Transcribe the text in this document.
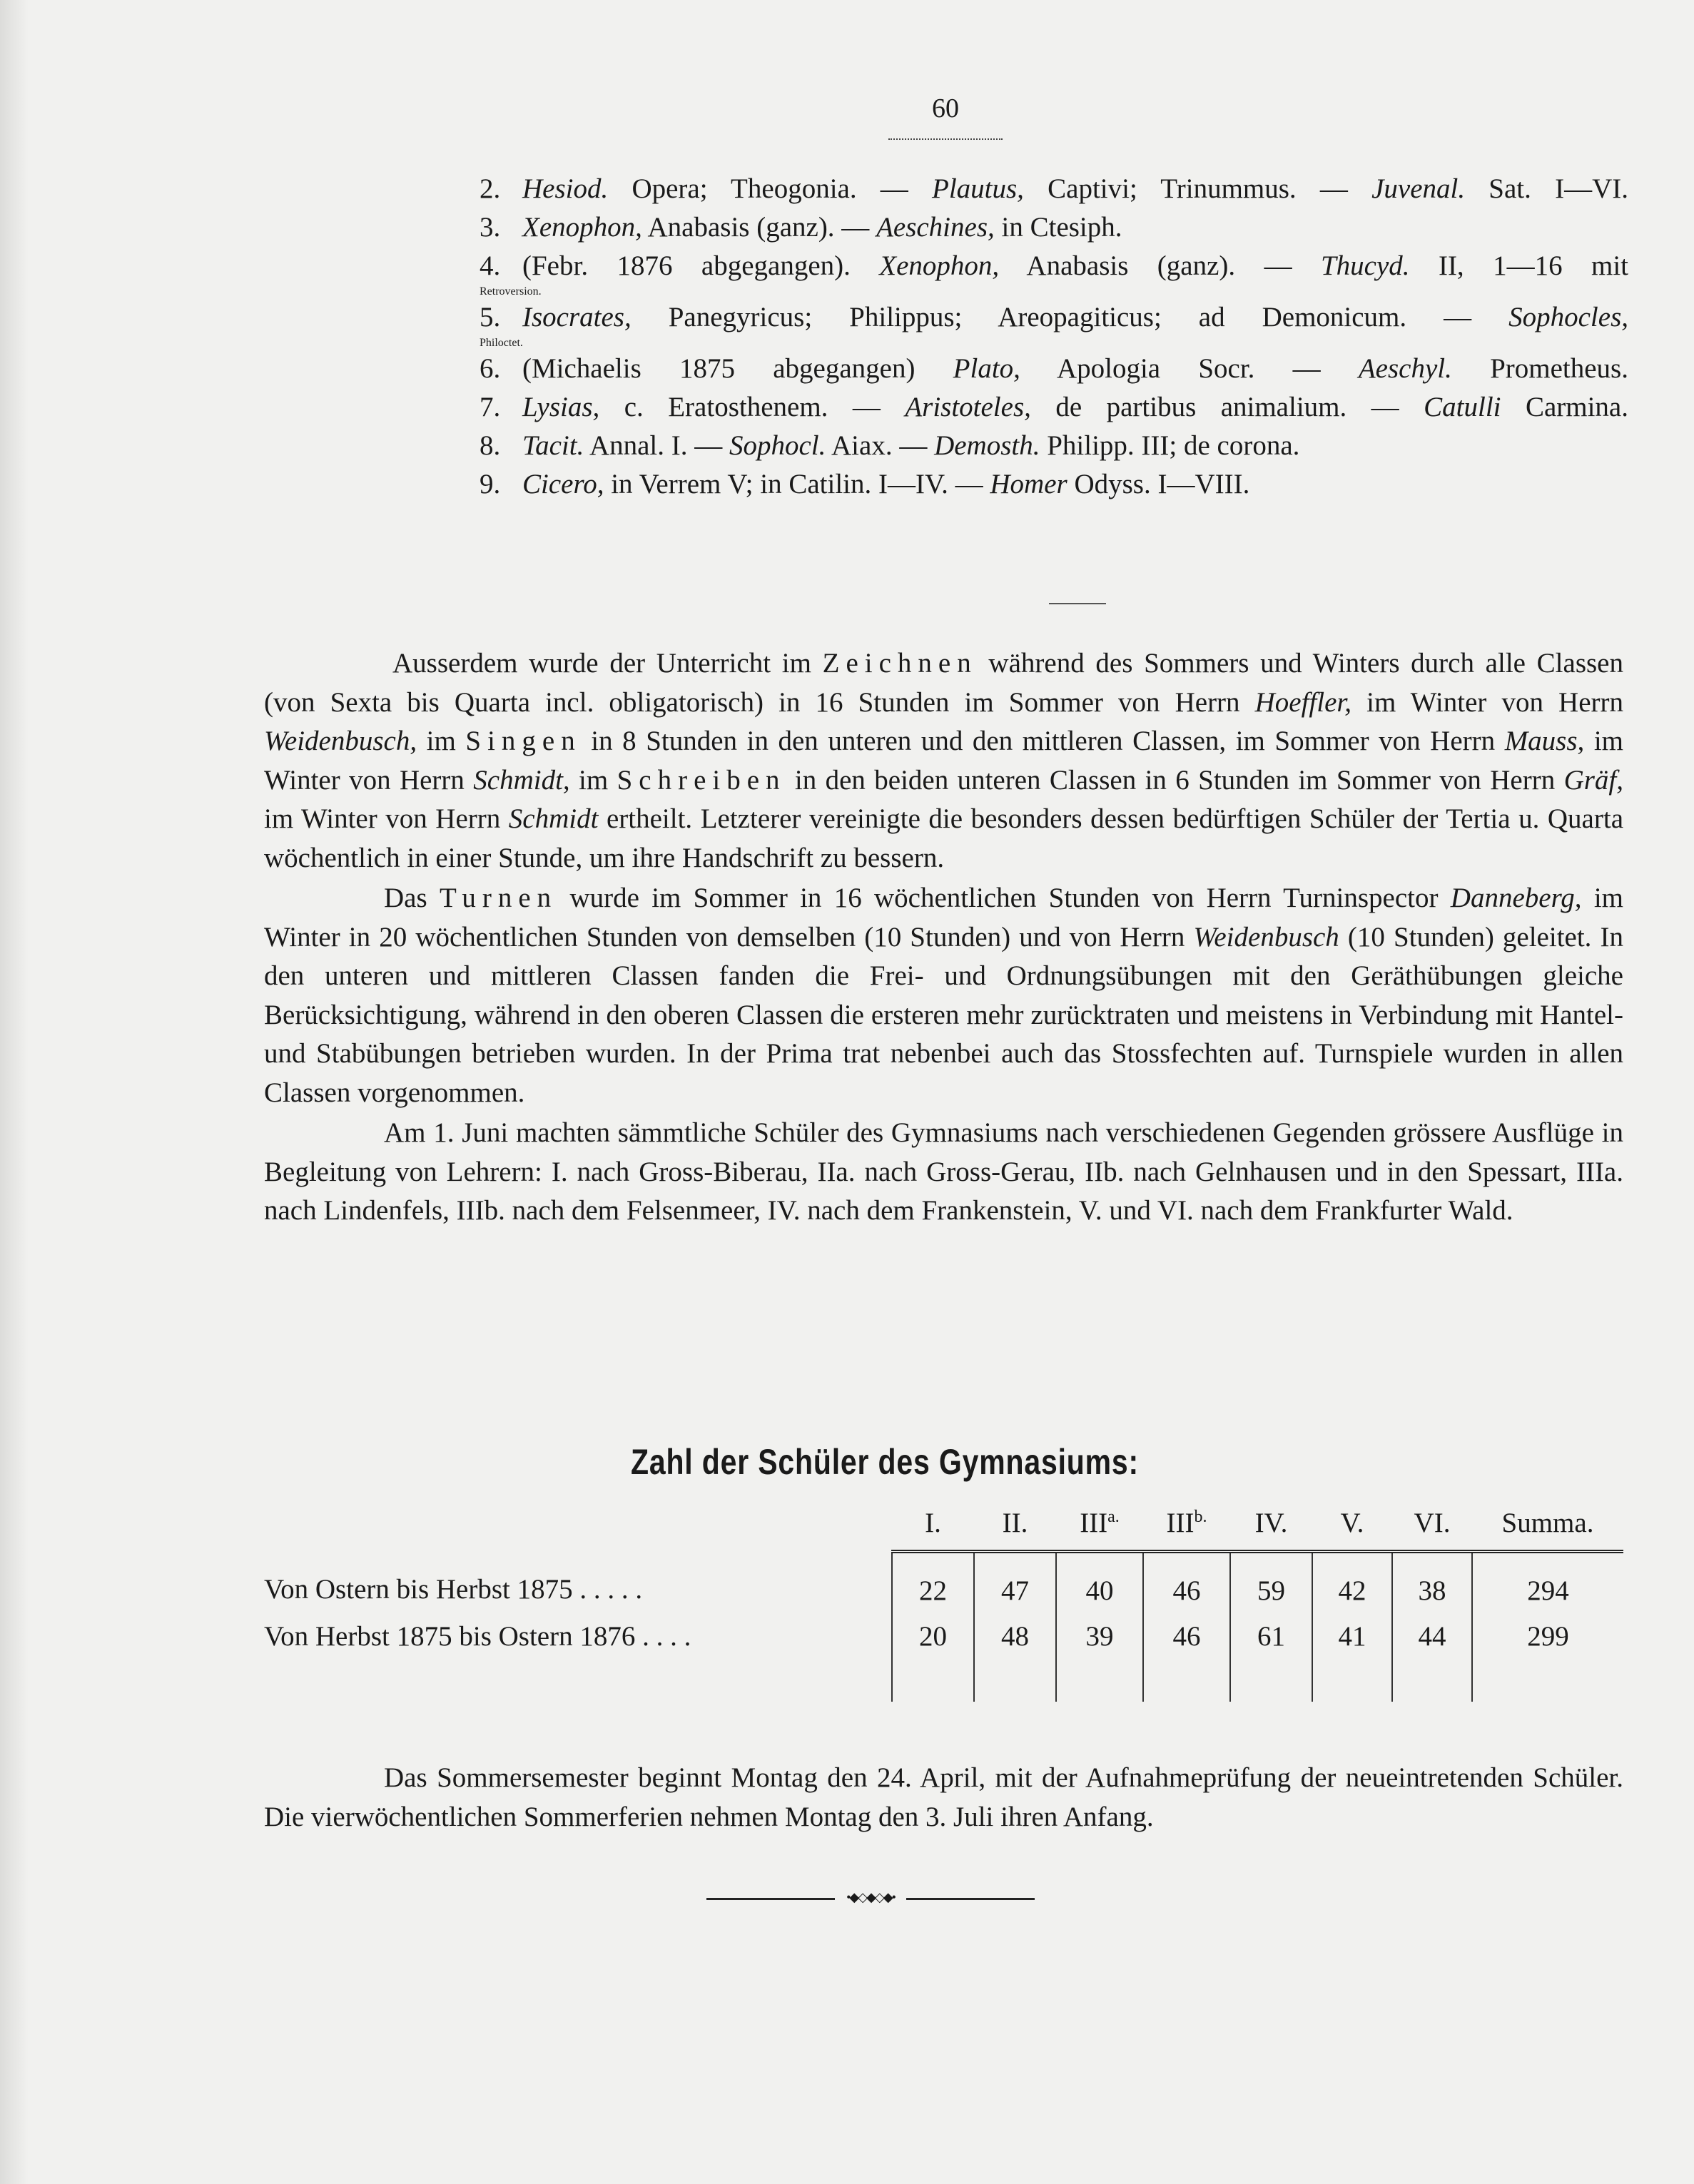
60
2. Hesiod. Opera; Theogonia. — Plautus, Captivi; Trinummus. — Juvenal. Sat. I—VI.
3. Xenophon, Anabasis (ganz). — Aeschines, in Ctesiph.
4. (Febr. 1876 abgegangen). Xenophon, Anabasis (ganz). — Thucyd. II, 1—16 mit
Retroversion.
5. Isocrates, Panegyricus; Philippus; Areopagiticus; ad Demonicum. — Sophocles,
Philoctet.
6. (Michaelis 1875 abgegangen) Plato, Apologia Socr. — Aeschyl. Prometheus.
7. Lysias, c. Eratosthenem. — Aristoteles, de partibus animalium. — Catulli Carmina.
8. Tacit. Annal. I. — Sophocl. Aiax. — Demosth. Philipp. III; de corona.
9. Cicero, in Verrem V; in Catilin. I—IV. — Homer Odyss. I—VIII.

Ausserdem wurde der Unterricht im Zeichnen während des Sommers und Winters durch alle Classen (von Sexta bis Quarta incl. obligatorisch) in 16 Stunden im Sommer von Herrn Hoeffler, im Winter von Herrn Weidenbusch, im Singen in 8 Stunden in den unteren und den mittleren Classen, im Sommer von Herrn Mauss, im Winter von Herrn Schmidt, im Schreiben in den beiden unteren Classen in 6 Stunden im Sommer von Herrn Gräf, im Winter von Herrn Schmidt ertheilt. Letzterer vereinigte die besonders dessen bedürftigen Schüler der Tertia u. Quarta wöchentlich in einer Stunde, um ihre Handschrift zu bessern.

Das Turnen wurde im Sommer in 16 wöchentlichen Stunden von Herrn Turninspector Danneberg, im Winter in 20 wöchentlichen Stunden von demselben (10 Stunden) und von Herrn Weidenbusch (10 Stunden) geleitet. In den unteren und mittleren Classen fanden die Frei- und Ordnungsübungen mit den Geräthübungen gleiche Berücksichtigung, während in den oberen Classen die ersteren mehr zurücktraten und meistens in Verbindung mit Hantel- und Stabübungen betrieben wurden. In der Prima trat nebenbei auch das Stossfechten auf. Turnspiele wurden in allen Classen vorgenommen.

Am 1. Juni machten sämmtliche Schüler des Gymnasiums nach verschiedenen Gegenden grössere Ausflüge in Begleitung von Lehrern: I. nach Gross-Biberau, IIa. nach Gross-Gerau, IIb. nach Gelnhausen und in den Spessart, IIIa. nach Lindenfels, IIIb. nach dem Felsenmeer, IV. nach dem Frankenstein, V. und VI. nach dem Frankfurter Wald.

Zahl der Schüler des Gymnasiums:
	I.	II.	$III^{a.}$	$III^{b.}$	IV.	V.	VI.	Summa.
Von Ostern bis Herbst 1875 . . . . .	22	47	40	46	59	42	38	294
Von Herbst 1875 bis Ostern 1876 . . . .	20	48	39	46	61	41	44	299

Das Sommersemester beginnt Montag den 24. April, mit der Aufnahmeprüfung der neueintretenden Schüler. Die vierwöchentlichen Sommerferien nehmen Montag den 3. Juli ihren Anfang.

•◆◇◆◇◆•
